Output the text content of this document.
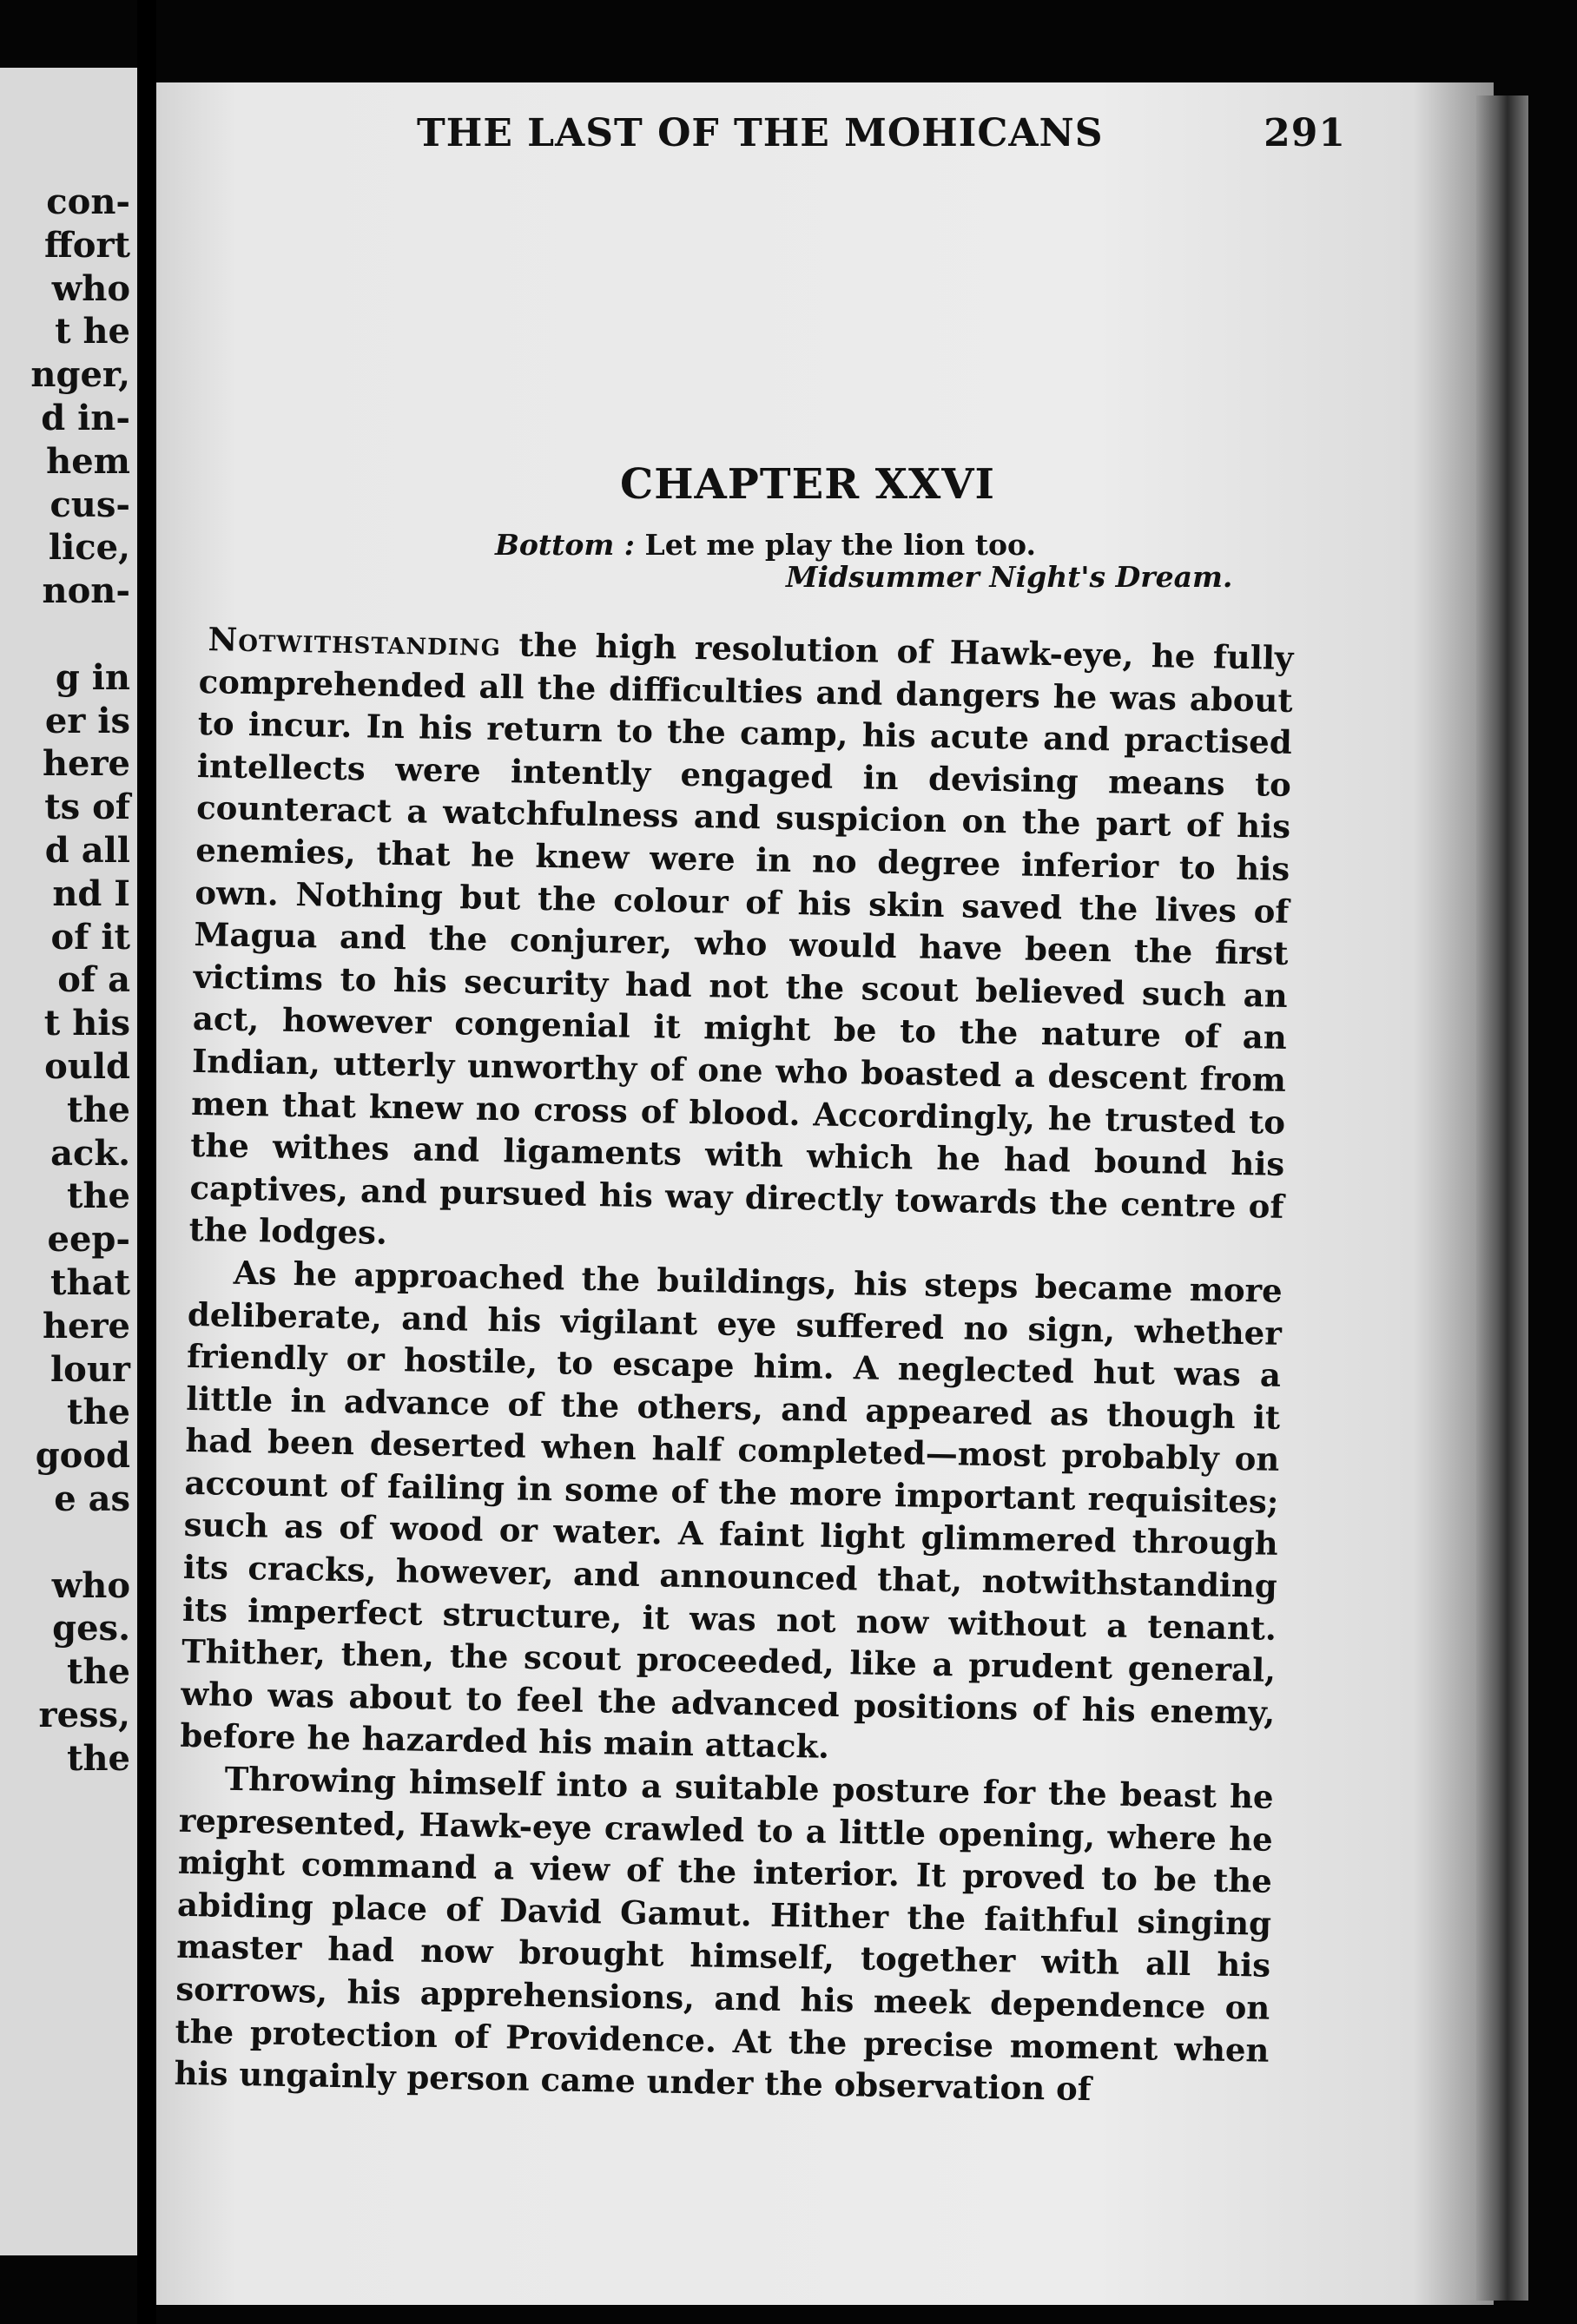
con-
ffort
who
t he
nger,
d in-
hem
cus-
lice,
non-
g in
er is
here
ts of
d all
nd I
of it
of a
t his
ould
the
ack.
the
eep-
that
here
lour
the
good
e as
who
ges.
the
ress,
the
THE LAST OF THE MOHICANS	291
CHAPTER XXVI
Bottom : Let me play the lion too.
Midsummer Night's Dream.

Notwithstanding the high resolution of Hawk-eye, he fully comprehended all the difficulties and dangers he was about to incur. In his return to the camp, his acute and practised intellects were intently engaged in devising means to counteract a watchfulness and suspicion on the part of his enemies, that he knew were in no degree inferior to his own. Nothing but the colour of his skin saved the lives of Magua and the conjurer, who would have been the first victims to his security had not the scout believed such an act, however congenial it might be to the nature of an Indian, utterly unworthy of one who boasted a descent from men that knew no cross of blood. Accordingly, he trusted to the withes and ligaments with which he had bound his captives, and pursued his way directly towards the centre of the lodges.

As he approached the buildings, his steps became more deliberate, and his vigilant eye suffered no sign, whether friendly or hostile, to escape him. A neglected hut was a little in advance of the others, and appeared as though it had been deserted when half completed—most probably on account of failing in some of the more important requisites; such as of wood or water. A faint light glimmered through its cracks, however, and announced that, notwithstanding its imperfect structure, it was not now without a tenant. Thither, then, the scout proceeded, like a prudent general, who was about to feel the advanced positions of his enemy, before he hazarded his main attack.

Throwing himself into a suitable posture for the beast he represented, Hawk-eye crawled to a little opening, where he might command a view of the interior. It proved to be the abiding place of David Gamut. Hither the faithful singing master had now brought himself, together with all his sorrows, his apprehensions, and his meek dependence on the protection of Providence. At the precise moment when his ungainly person came under the observation of
